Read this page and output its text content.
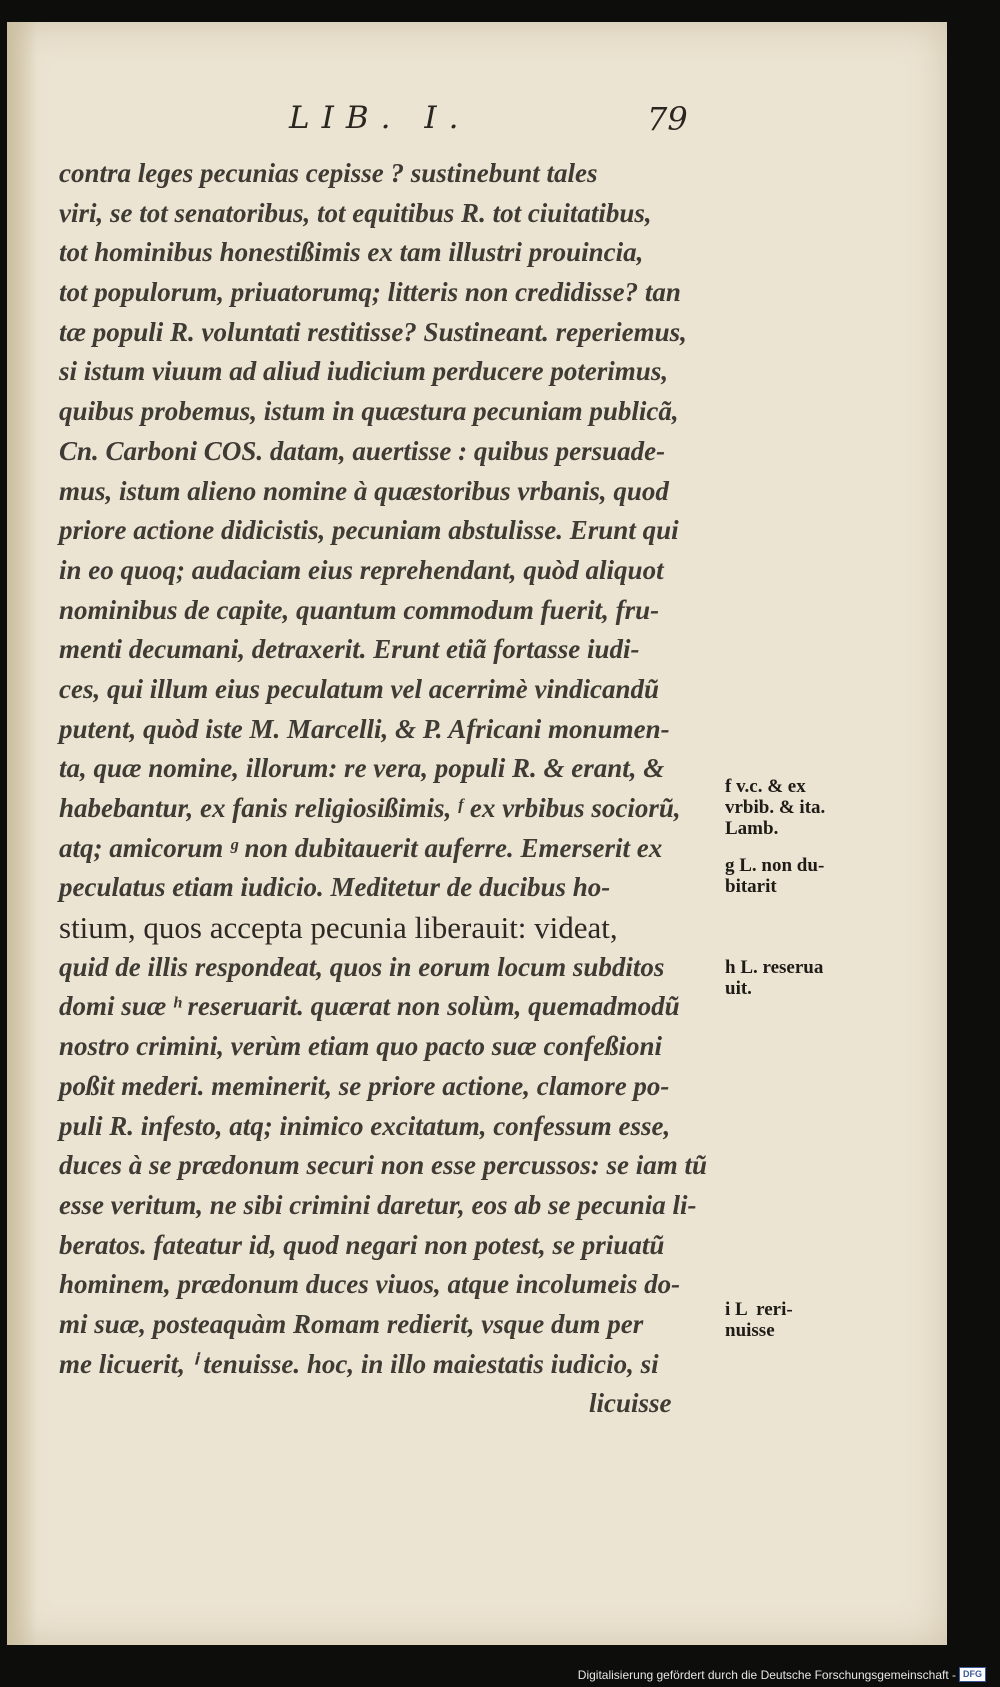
LIB. I.	79
contra leges pecunias cepisse ? sustinebunt tales
viri, se tot senatoribus, tot equitibus R. tot ciuitatibus,
tot hominibus honestißimis ex tam illustri prouincia,
tot populorum, priuatorumq; litteris non credidisse? tan
tæ populi R. voluntati restitisse? Sustineant. reperiemus,
si istum viuum ad aliud iudicium perducere poterimus,
quibus probemus, istum in quæstura pecuniam publicã,
Cn. Carboni COS. datam, auertisse : quibus persuade-
mus, istum alieno nomine à quæstoribus vrbanis, quod
priore actione didicistis, pecuniam abstulisse. Erunt qui
in eo quoq; audaciam eius reprehendant, quòd aliquot
nominibus de capite, quantum commodum fuerit, fru-
menti decumani, detraxerit. Erunt etiã fortasse iudi-
ces, qui illum eius peculatum vel acerrimè vindicandũ
putent, quòd iste M. Marcelli, & P. Africani monumen-
ta, quæ nomine, illorum: re vera, populi R. & erant, &
habebantur, ex fanis religiosißimis, ᶠ ex vrbibus sociorũ,
atq; amicorum ᵍ non dubitauerit auferre. Emerserit ex
peculatus etiam iudicio. Meditetur de ducibus ho-
stium, quos accepta pecunia liberauit: videat,
quid de illis respondeat, quos in eorum locum subditos
domi suæ ʰ reseruarit. quærat non solùm, quemadmodũ
nostro crimini, verùm etiam quo pacto suæ confeßioni
poßit mederi. meminerit, se priore actione, clamore po-
puli R. infesto, atq; inimico excitatum, confessum esse,
duces à se prædonum securi non esse percussos: se iam tũ
esse veritum, ne sibi crimini daretur, eos ab se pecunia li-
beratos. fateatur id, quod negari non potest, se priuatũ
hominem, prædonum duces viuos, atque incolumeis do-
mi suæ, posteaquàm Romam redierit, vsque dum per
me licuerit, ⁱ tenuisse. hoc, in illo maiestatis iudicio, si
licuisse
f v.c. & ex
vrbib. & ita.
Lamb.
g L. non du-
bitarit
h L. reserua
uit.
i L  reri-
nuisse
Digitalisierung gefördert durch die Deutsche Forschungsgemeinschaft - DFG
